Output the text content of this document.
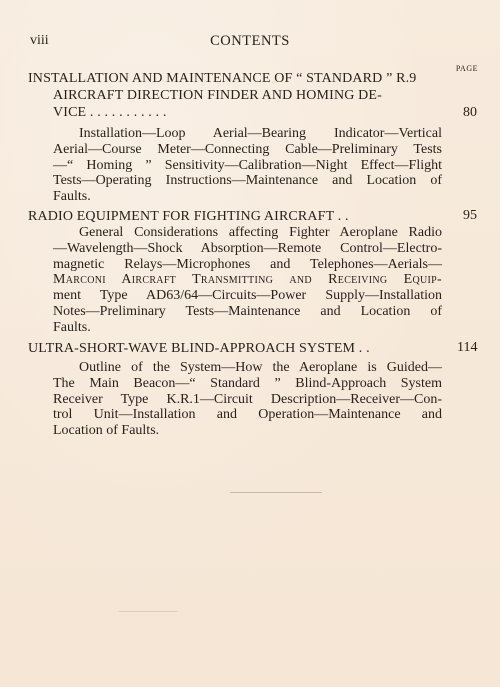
viii	CONTENTS
PAGE
INSTALLATION AND MAINTENANCE OF “ STANDARD ” R.9
AIRCRAFT DIRECTION FINDER AND HOMING DE-
VICE . . . . . . . . . . .
Installation—Loop Aerial—Bearing Indicator—Vertical
Aerial—Course Meter—Connecting Cable—Preliminary Tests
—“ Homing ” Sensitivity—Calibration—Night Effect—Flight
Tests—Operating Instructions—Maintenance and Location of
Faults.
80
RADIO EQUIPMENT FOR FIGHTING AIRCRAFT . .
General Considerations affecting Fighter Aeroplane Radio
—Wavelength—Shock Absorption—Remote Control—Electro-
magnetic Relays—Microphones and Telephones—Aerials—
Marconi Aircraft Transmitting and Receiving Equip-
ment Type AD63/64—Circuits—Power Supply—Installation
Notes—Preliminary Tests—Maintenance and Location of
Faults.
95
ULTRA-SHORT-WAVE BLIND-APPROACH SYSTEM . .
Outline of the System—How the Aeroplane is Guided—
The Main Beacon—“ Standard ” Blind-Approach System
Receiver Type K.R.1—Circuit Description—Receiver—Con-
trol Unit—Installation and Operation—Maintenance and
Location of Faults.
114
